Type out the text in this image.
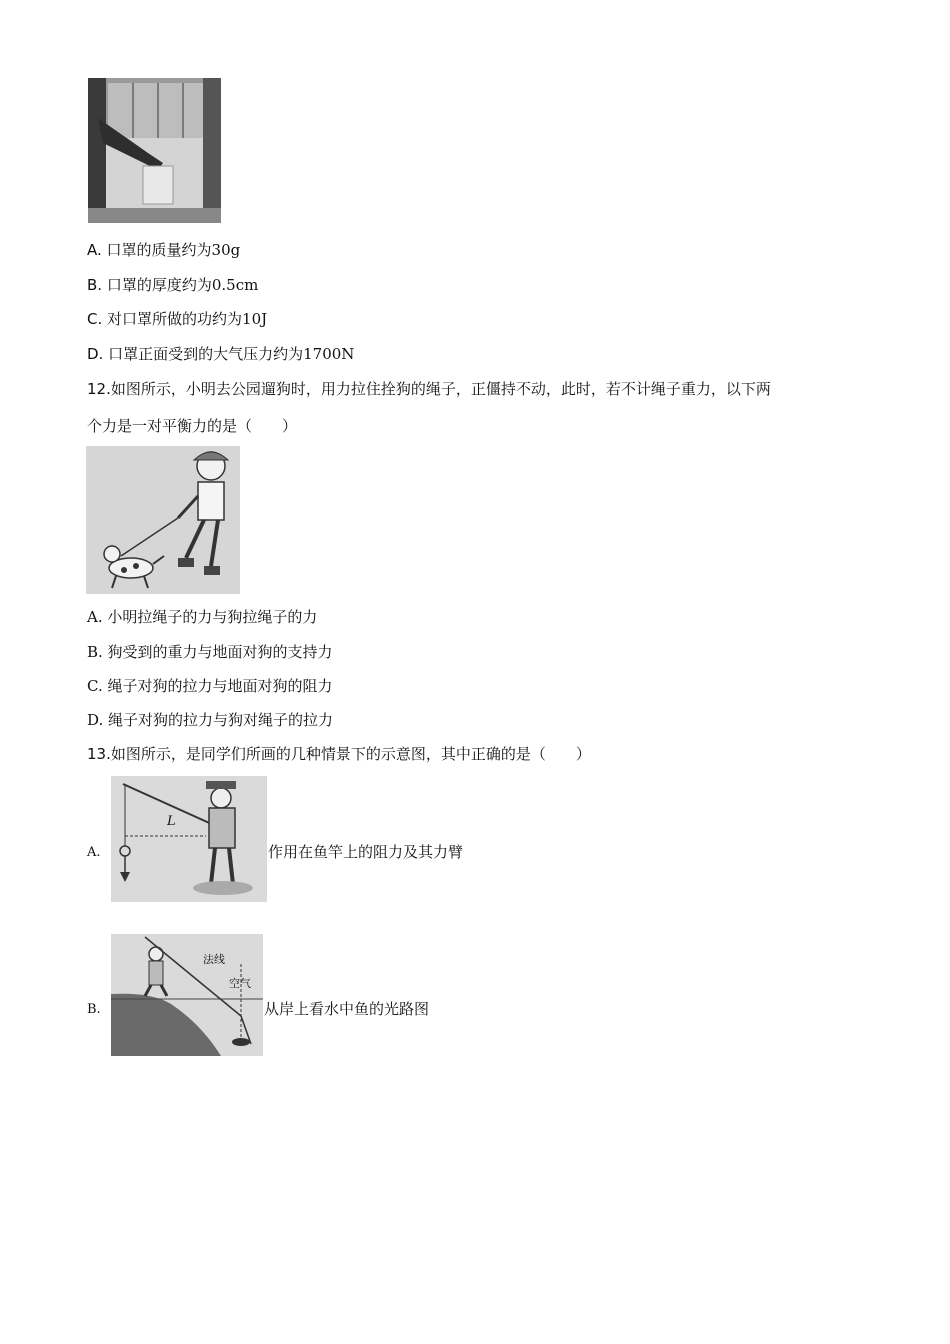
A. 口罩的质量约为30g
B. 口罩的厚度约为0.5cm
C. 对口罩所做的功约为10J
D. 口罩正面受到的大气压力约为1700N
12.如图所示，小明去公园遛狗时，用力拉住拴狗的绳子，正僵持不动，此时，若不计绳子重力，以下两
个力是一对平衡力的是（　　）
A. 小明拉绳子的力与狗拉绳子的力
B. 狗受到的重力与地面对狗的支持力
C. 绳子对狗的拉力与地面对狗的阻力
D. 绳子对狗的拉力与狗对绳子的拉力
13.如图所示，是同学们所画的几种情景下的示意图，其中正确的是（　　）
A.
L
作用在鱼竿上的阻力及其力臂
B.
法线
空气
从岸上看水中鱼的光路图
